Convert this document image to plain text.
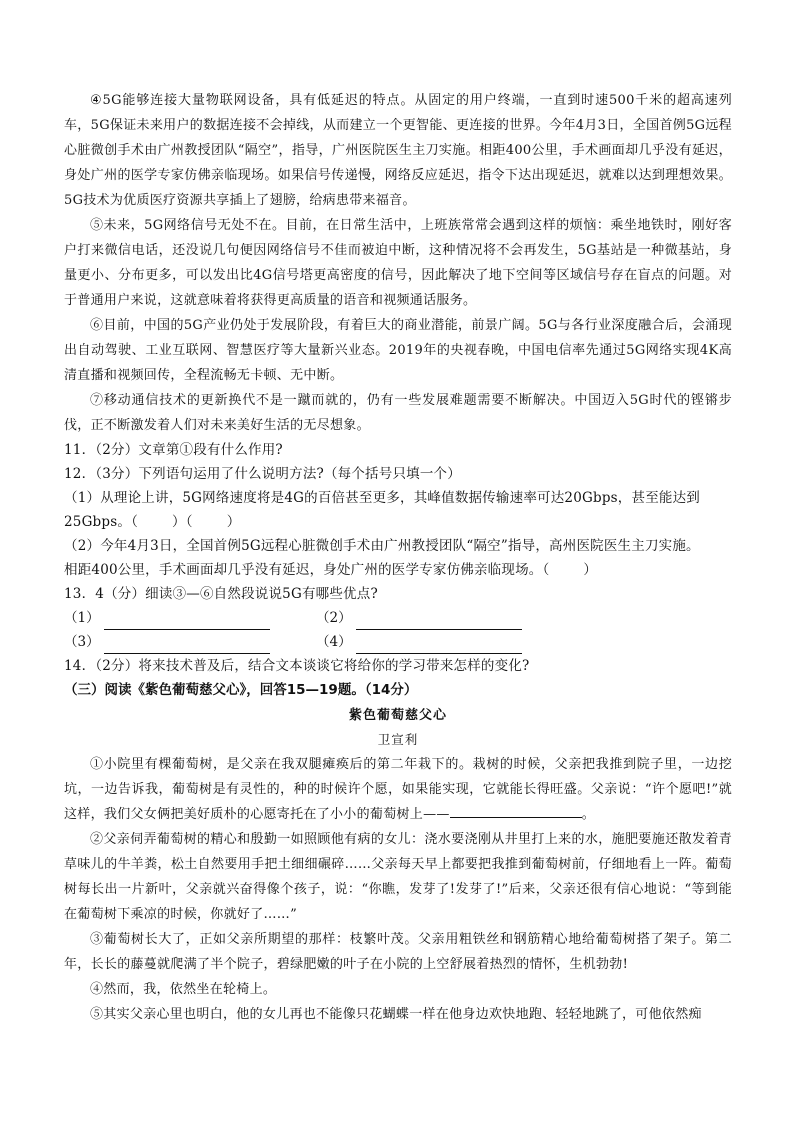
④5G能够连接大量物联网设备，具有低延迟的特点。从固定的用户终端，一直到时速500千米的超高速列车，5G保证未来用户的数据连接不会掉线，从而建立一个更智能、更连接的世界。今年4月3日，全国首例5G远程心脏微创手术由广州教授团队“隔空”，指导，广州医院医生主刀实施。相距400公里，手术画面却几乎没有延迟，身处广州的医学专家仿佛亲临现场。如果信号传递慢，网络反应延迟，指令下达出现延迟，就难以达到理想效果。5G技术为优质医疗资源共享插上了翅膀，给病患带来福音。

⑤未来，5G网络信号无处不在。目前，在日常生活中，上班族常常会遇到这样的烦恼：乘坐地铁时，刚好客户打来微信电话，还没说几句便因网络信号不佳而被迫中断，这种情况将不会再发生，5G基站是一种微基站，身量更小、分布更多，可以发出比4G信号塔更高密度的信号，因此解决了地下空间等区域信号存在盲点的问题。对于普通用户来说，这就意味着将获得更高质量的语音和视频通话服务。

⑥目前，中国的5G产业仍处于发展阶段，有着巨大的商业潜能，前景广阔。5G与各行业深度融合后，会涌现出自动驾驶、工业互联网、智慧医疗等大量新兴业态。2019年的央视春晚，中国电信率先通过5G网络实现4K高清直播和视频回传，全程流畅无卡顿、无中断。

⑦移动通信技术的更新换代不是一蹴而就的，仍有一些发展难题需要不断解决。中国迈入5G时代的铿锵步伐，正不断激发着人们对未来美好生活的无尽想象。

11．（2分）文章第①段有什么作用?

12．（3分）下列语句运用了什么说明方法?（每个括号只填一个）

（1）从理论上讲，5G网络速度将是4G的百倍甚至更多，其峰值数据传输速率可达20Gbps，甚至能达到
25Gbps。（	）（	）

（2）今年4月3日，全国首例5G远程心脏微创手术由广州教授团队“隔空”指导，高州医院医生主刀实施。
相距400公里，手术画面却几乎没有延迟，身处广州的医学专家仿佛亲临现场。（	）

13．4（分）细读③—⑥自然段说说5G有哪些优点?

（1）	（2）
（3）	（4）

14．（2分）将来技术普及后，结合文本谈谈它将给你的学习带来怎样的变化?

（三）阅读《紫色葡萄慈父心》，回答15—19题。（14分）

紫色葡萄慈父心

卫宣利

①小院里有棵葡萄树，是父亲在我双腿瘫痪后的第二年栽下的。栽树的时候，父亲把我推到院子里，一边挖坑，一边告诉我，葡萄树是有灵性的，种的时候许个愿，如果能实现，它就能长得旺盛。父亲说：“许个愿吧!”就这样，我们父女俩把美好质朴的心愿寄托在了小小的葡萄树上——	。

②父亲伺弄葡萄树的精心和殷勤一如照顾他有病的女儿：浇水要浇刚从井里打上来的水，施肥要施还散发着青草味儿的牛羊粪，松土自然要用手把土细细碾碎……父亲每天早上都要把我推到葡萄树前，仔细地看上一阵。葡萄树每长出一片新叶，父亲就兴奋得像个孩子，说：“你瞧，发芽了!发芽了!”后来，父亲还很有信心地说：“等到能在葡萄树下乘凉的时候，你就好了……”

③葡萄树长大了，正如父亲所期望的那样：枝繁叶茂。父亲用粗铁丝和钢筋精心地给葡萄树搭了架子。第二年，长长的藤蔓就爬满了半个院子，碧绿肥嫩的叶子在小院的上空舒展着热烈的情怀，生机勃勃!

④然而，我，依然坐在轮椅上。

⑤其实父亲心里也明白，他的女儿再也不能像只花蝴蝶一样在他身边欢快地跑、轻轻地跳了，可他依然痴
